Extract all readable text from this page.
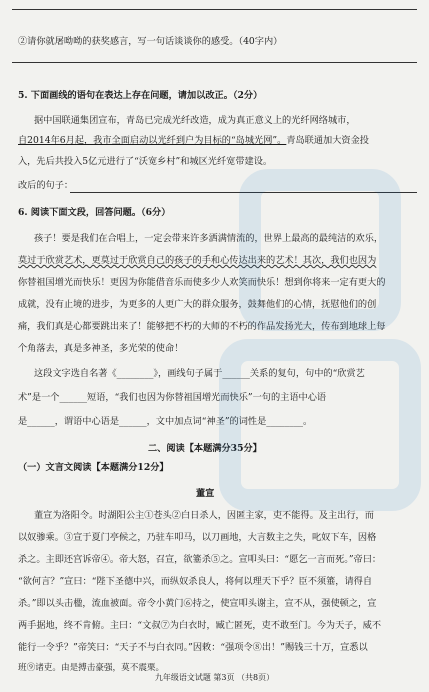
②请你就屠呦呦的获奖感言，写一句话谈谈你的感受。（40字内）
5. 下面画线的语句在表达上存在问题，请加以改正。（2分）
据中国联通集团宣布，青岛已完成光纤改造，成为真正意义上的光纤网络城市，
自2014年6月起，我市全面启动以光纤到户为目标的“岛城光网”。青岛联通加大资金投
入，先后共投入5亿元进行了“沃宽乡村”和城区光纤宽带建设。
改后的句子：
6. 阅读下面文段，回答问题。（6分）
孩子！要是我们在合唱上，一定会带来许多洒满情流的，世界上最高的最纯洁的欢乐，
莫过于欣赏艺术，更莫过于欣赏自己的孩子的手和心传达出来的艺术！其次，我们也因为
你替祖国增光而快乐！更因为你能借音乐而使多少人欢笑而快乐！想到你将来一定有更大的
成就，没有止境的进步，为更多的人更广大的群众服务，鼓舞他们的心情，抚慰他们的创
痛，我们真是心都要跳出来了！能够把不朽的大师的不朽的作品发扬光大，传布到地球上每
个角落去，真是多神圣，多光荣的使命！
这段文字选自名著《________》，画线句子属于______关系的复句，句中的“欣赏艺
术”是一个______短语，“我们也因为你替祖国增光而快乐”一句的主语中心语
是______，谓语中心语是______，文中加点词“神圣”的词性是________。
二、阅读【本题满分35分】
（一）文言文阅读【本题满分12分】
董宣
董宣为洛阳令。时湖阳公主①苍头②白日杀人，因匿主家，吏不能得。及主出行，而
以奴骖乘。③宣于夏门亭候之，乃驻车叩马，以刀画地，大言数主之失，叱奴下车，因格
杀之。主即还宫诉帝④。帝大怒，召宣，欲箠杀⑤之。宣叩头曰：“愿乞一言而死。”帝曰：
“欲何言？”宣曰：“陛下圣德中兴，而纵奴杀良人，将何以理天下乎？臣不须箠，请得自
杀。”即以头击楹，流血被面。帝令小黄门⑥持之，使宣叩头谢主，宣不从，强使顿之，宣
两手据地，终不肯俯。主曰：“文叔⑦为白衣时，臧亡匿死，吏不敢至门。今为天子，威不
能行一令乎？”帝笑曰：“天子不与白衣同。”因敕：“强项令⑧出！”赐钱三十万，宣悉以
班⑨诸吏。由是搏击豪强，莫不震栗。
九年级语文试题 第3页 （共8页）
